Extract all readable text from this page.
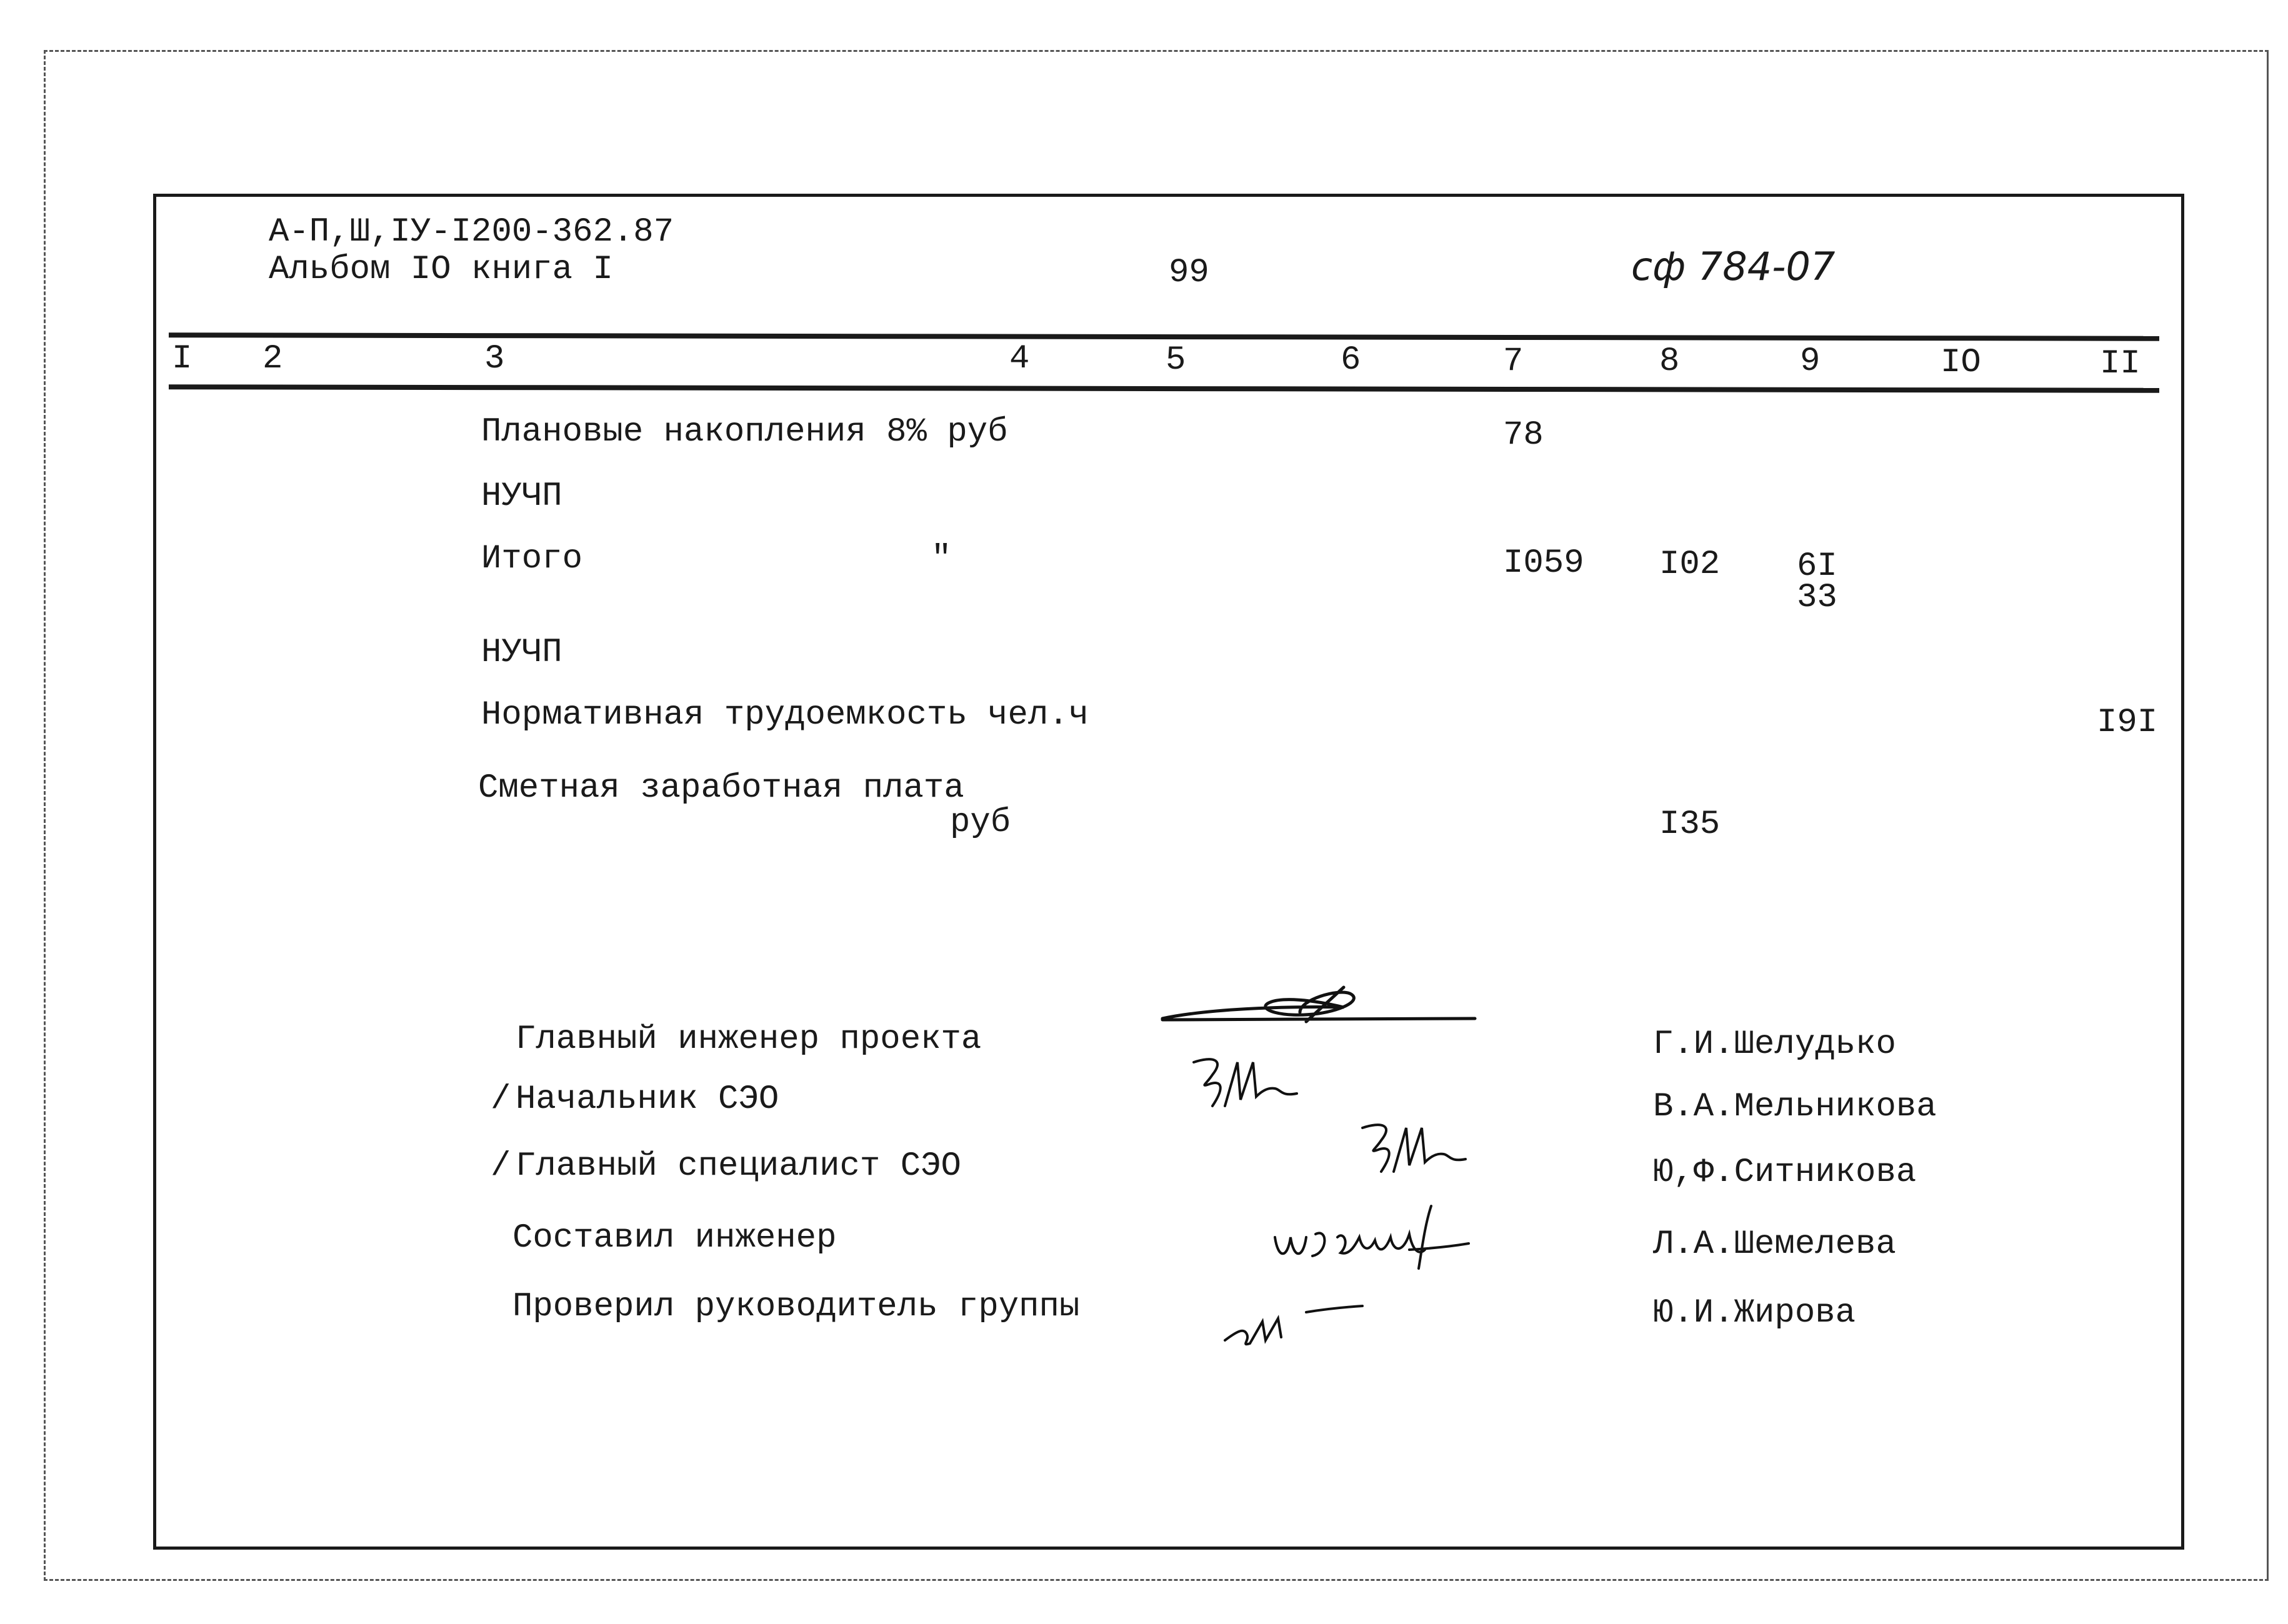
А-П,Ш,IУ-I200-362.87
Альбом IO книга I	99	сф 784-07
I 2	3	4	5	6	7	8	9	IO	II
Плановые накопления 8% руб	78
НУЧП
Итого	"	I059 I02 6I
33
НУЧП
Нормативная трудоемкость чел.ч	I9I
Сметная заработная плата
руб	I35
Главный инженер проекта	Г.И.Шелудько
/ Начальник СЭО	В.А.Мельникова
/ Главный специалист СЭО	Ю,Ф.Ситникова
Составил инженер	Л.А.Шемелева
Проверил руководитель группы	Ю.И.Жирова
